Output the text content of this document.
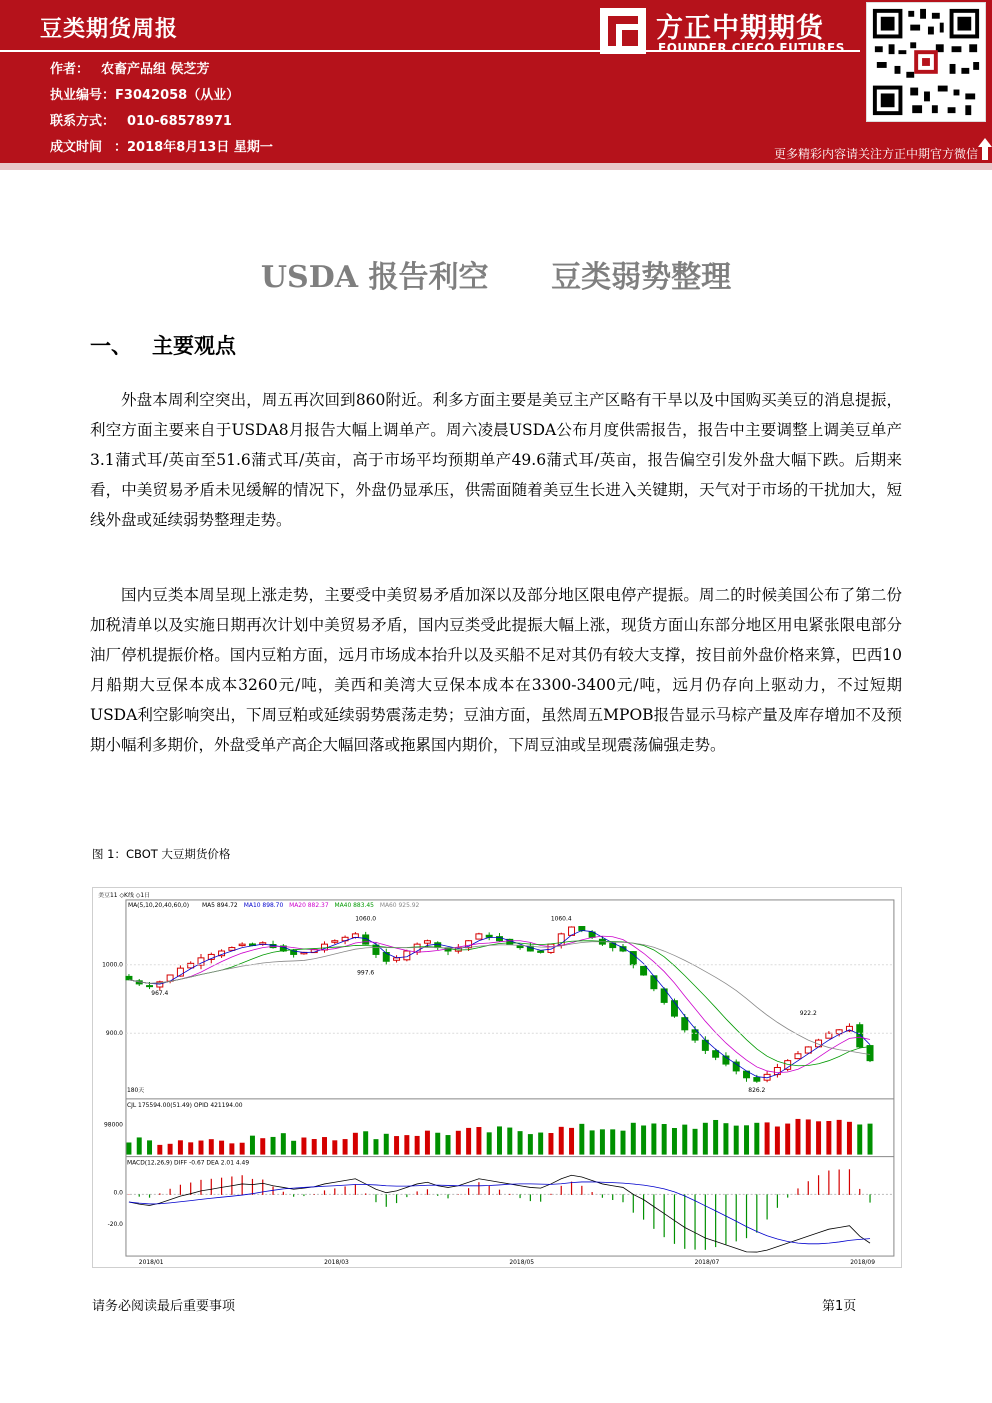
豆类期货周报
作者： 农畜产品组 侯芝芳
执业编号：F3042058（从业）
联系方式： 010-68578971
成文时间 ：2018年8月13日 星期一
方正中期期货
FOUNDER CIFCO FUTURES
更多精彩内容请关注方正中期官方微信
USDA 报告利空      豆类弱势整理
一、 主要观点
外盘本周利空突出，周五再次回到860附近。利多方面主要是美豆主产区略有干旱以及中国购买美豆的消息提振，利空方面主要来自于USDA8月报告大幅上调单产。周六凌晨USDA公布月度供需报告，报告中主要调整上调美豆单产3.1蒲式耳/英亩至51.6蒲式耳/英亩，高于市场平均预期单产49.6蒲式耳/英亩，报告偏空引发外盘大幅下跌。后期来看，中美贸易矛盾未见缓解的情况下，外盘仍显承压，供需面随着美豆生长进入关键期，天气对于市场的干扰加大，短线外盘或延续弱势整理走势。
国内豆类本周呈现上涨走势，主要受中美贸易矛盾加深以及部分地区限电停产提振。周二的时候美国公布了第二份加税清单以及实施日期再次计划中美贸易矛盾，国内豆类受此提振大幅上涨，现货方面山东部分地区用电紧张限电部分油厂停机提振价格。国内豆粕方面，远月市场成本抬升以及买船不足对其仍有较大支撑，按目前外盘价格来算，巴西10月船期大豆保本成本3260元/吨，美西和美湾大豆保本成本在3300-3400元/吨，远月仍存向上驱动力，不过短期USDA利空影响突出，下周豆粕或延续弱势震荡走势；豆油方面，虽然周五MPOB报告显示马棕产量及库存增加不及预期小幅利多期价，外盘受单产高企大幅回落或拖累国内期价，下周豆油或呈现震荡偏强走势。
图 1：CBOT 大豆期货价格
美豆11 ◇K线 ◇1日
MA(5,10,20,40,60,0) MA5 894.72 MA10 898.70 MA20 882.37 MA40 883.45 MA60 925.92
CJL 175594.00(51.49) OPID 421194.00
MACD(12,26,9) DIFF -0.67 DEA 2.01 4.49
180天
1000.0
900.0
98000
0.0
-20.0
2018/01	2018/03	2018/05	2018/07	2018/09
967.4
1060.0
997.6
1060.4
922.2
826.2
请务必阅读最后重要事项	第1页
